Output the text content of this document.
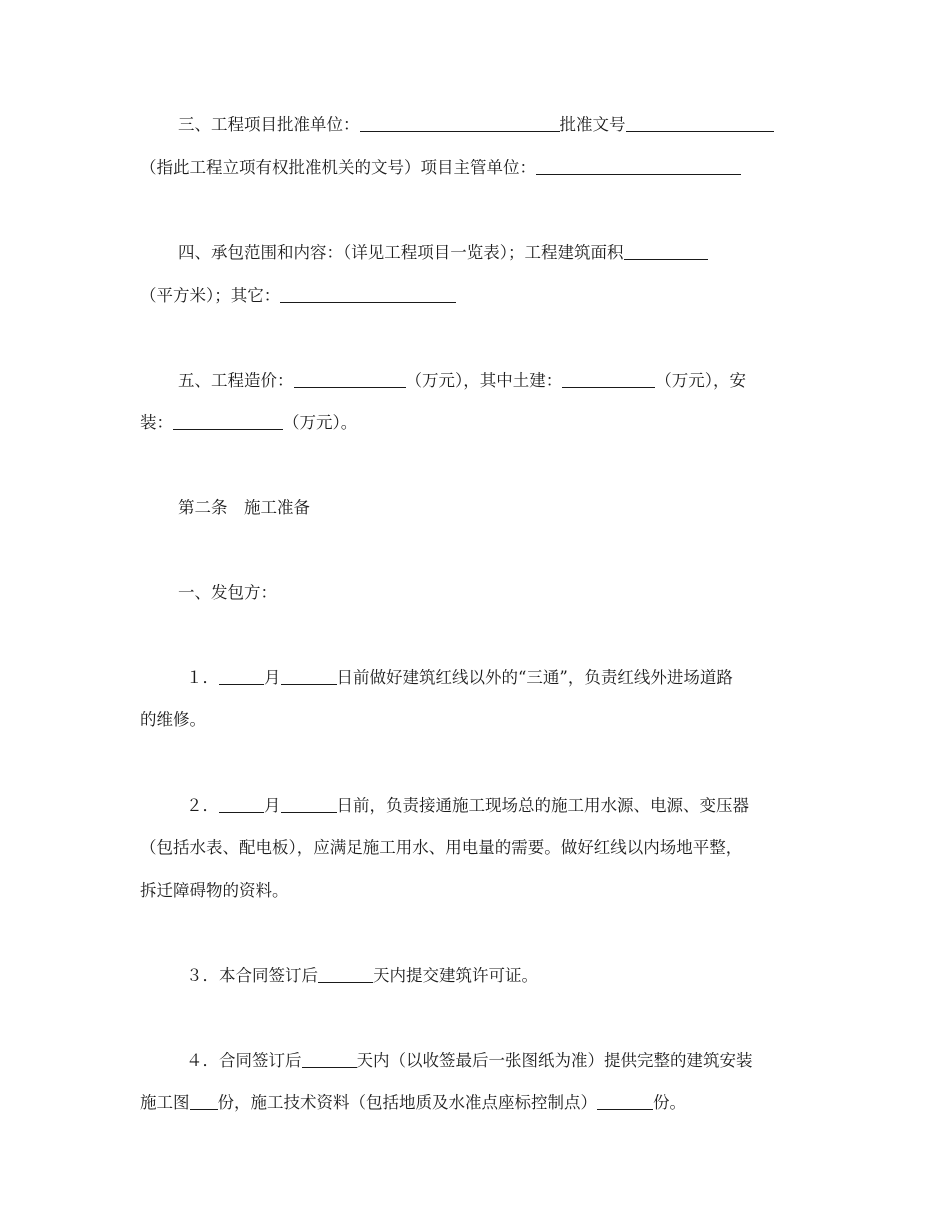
三、工程项目批准单位：	批准文号
（指此工程立项有权批准机关的文号）项目主管单位：
四、承包范围和内容：（详见工程项目一览表）；工程建筑面积
（平方米）；其它：
五、工程造价：	（万元），其中土建：	（万元），安
装：	（万元）。
第二条　施工准备
一、发包方：
１．	月	日前做好建筑红线以外的“三通”，负责红线外进场道路
的维修。
２．	月	日前，负责接通施工现场总的施工用水源、电源、变压器
（包括水表、配电板），应满足施工用水、用电量的需要。做好红线以内场地平整，
拆迁障碍物的资料。
３．本合同签订后	天内提交建筑许可证。
４．合同签订后	天内（以收签最后一张图纸为准）提供完整的建筑安装
施工图 份，施工技术资料（包括地质及水准点座标控制点）	份。
